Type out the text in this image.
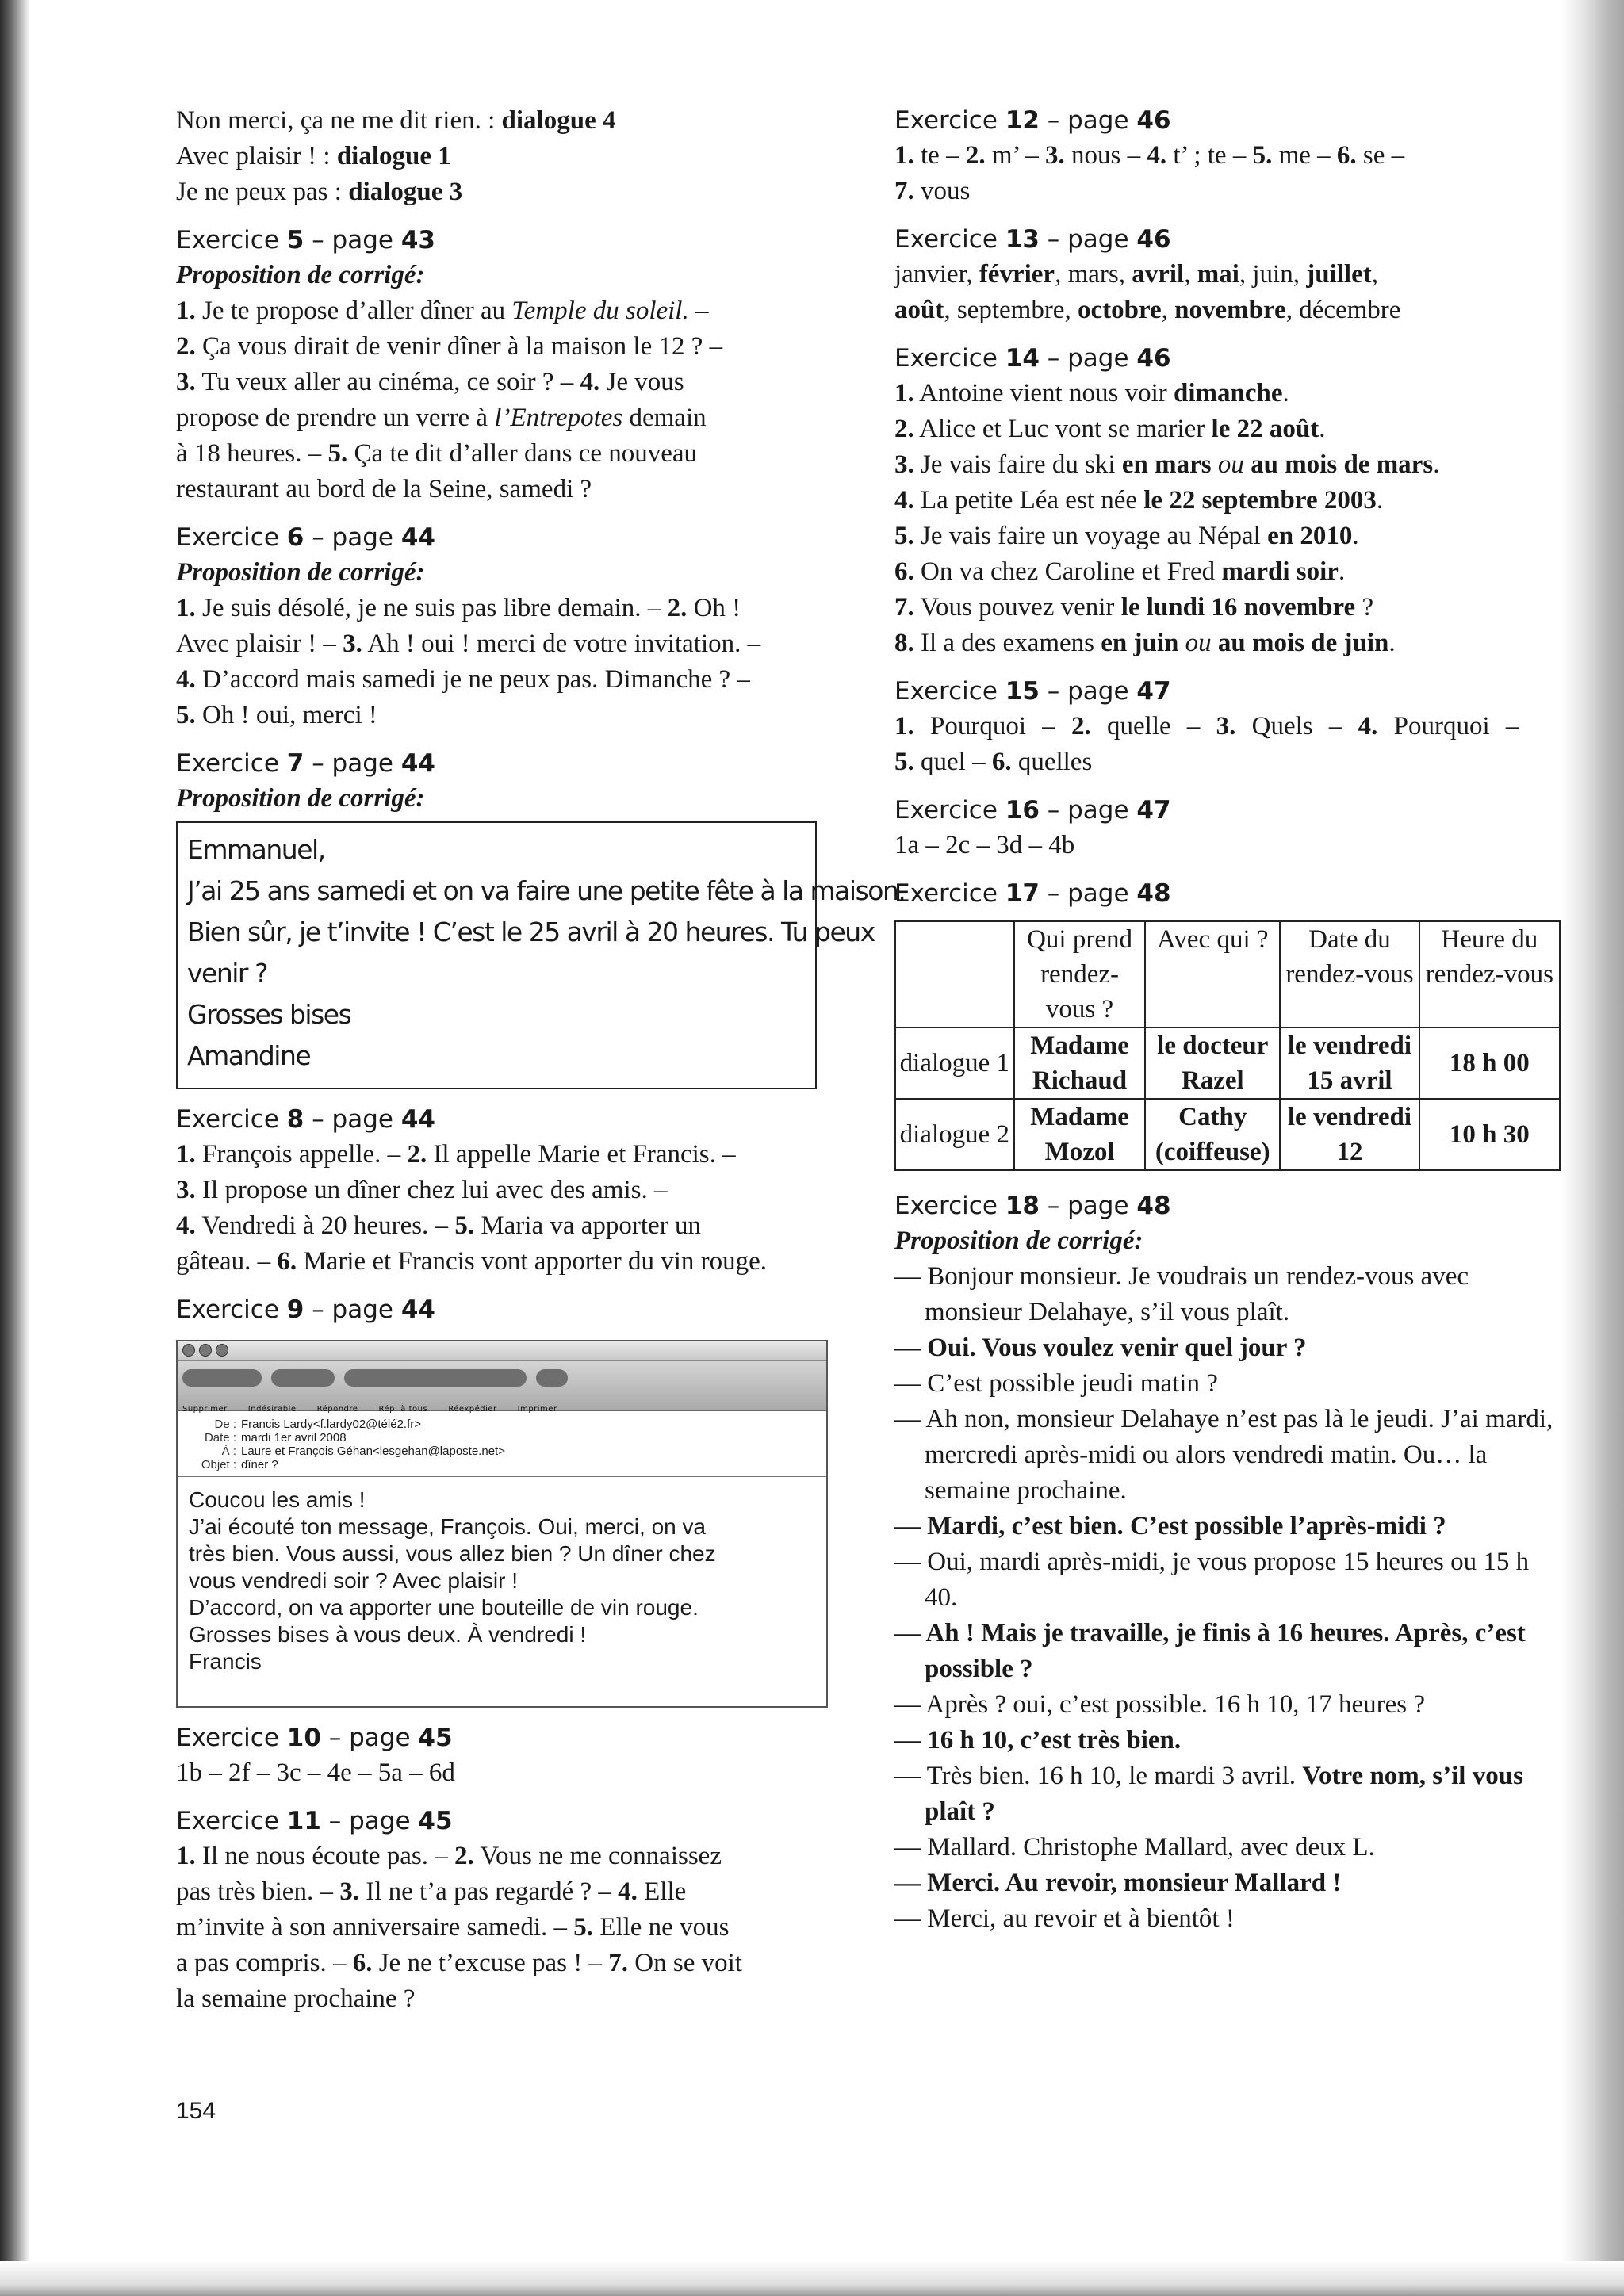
Non merci, ça ne me dit rien. : dialogue 4
Avec plaisir ! : dialogue 1
Je ne peux pas : dialogue 3
Exercice 5 – page 43
Proposition de corrigé:
1. Je te propose d’aller dîner au Temple du soleil. –
2. Ça vous dirait de venir dîner à la maison le 12 ? –
3. Tu veux aller au cinéma, ce soir ? – 4. Je vous
propose de prendre un verre à l’Entrepotes demain
à 18 heures. – 5. Ça te dit d’aller dans ce nouveau
restaurant au bord de la Seine, samedi ?
Exercice 6 – page 44
Proposition de corrigé:
1. Je suis désolé, je ne suis pas libre demain. – 2. Oh !
Avec plaisir ! – 3. Ah ! oui ! merci de votre invitation. –
4. D’accord mais samedi je ne peux pas. Dimanche ? –
5. Oh ! oui, merci !
Exercice 7 – page 44
Proposition de corrigé:
Emmanuel,
J’ai 25 ans samedi et on va faire une petite fête à la maison.
Bien sûr, je t’invite ! C’est le 25 avril à 20 heures. Tu peux
venir ?
Grosses bises
Amandine
Exercice 8 – page 44
1. François appelle. – 2. Il appelle Marie et Francis. –
3. Il propose un dîner chez lui avec des amis. –
4. Vendredi à 20 heures. – 5. Maria va apporter un
gâteau. – 6. Marie et Francis vont apporter du vin rouge.
Exercice 9 – page 44
Supprimer	Indésirable	Répondre	Rép. à tous	Réexpédier	Imprimer
De : Francis Lardy <f.lardy02@télé2.fr>
Date : mardi 1er avril 2008
À : Laure et François Géhan <lesgehan@laposte.net>
Objet : dîner ?
Coucou les amis !
J’ai écouté ton message, François. Oui, merci, on va
très bien. Vous aussi, vous allez bien ? Un dîner chez
vous vendredi soir ? Avec plaisir !
D’accord, on va apporter une bouteille de vin rouge.
Grosses bises à vous deux. À vendredi !
Francis
Exercice 10 – page 45
1b – 2f – 3c – 4e – 5a – 6d
Exercice 11 – page 45
1. Il ne nous écoute pas. – 2. Vous ne me connaissez
pas très bien. – 3. Il ne t’a pas regardé ? – 4. Elle
m’invite à son anniversaire samedi. – 5. Elle ne vous
a pas compris. – 6. Je ne t’excuse pas ! – 7. On se voit
la semaine prochaine ?
Exercice 12 – page 46
1. te – 2. m’ – 3. nous – 4. t’ ; te – 5. me – 6. se –
7. vous
Exercice 13 – page 46
janvier, février, mars, avril, mai, juin, juillet,
août, septembre, octobre, novembre, décembre
Exercice 14 – page 46
1. Antoine vient nous voir dimanche.
2. Alice et Luc vont se marier le 22 août.
3. Je vais faire du ski en mars ou au mois de mars.
4. La petite Léa est née le 22 septembre 2003.
5. Je vais faire un voyage au Népal en 2010.
6. On va chez Caroline et Fred mardi soir.
7. Vous pouvez venir le lundi 16 novembre ?
8. Il a des examens en juin ou au mois de juin.
Exercice 15 – page 47
1. Pourquoi – 2. quelle – 3. Quels – 4. Pourquoi –
5. quel – 6. quelles
Exercice 16 – page 47
1a – 2c – 3d – 4b
Exercice 17 – page 48
	Qui prend rendez-vous ?	Avec qui ?	Date du rendez-vous	Heure du rendez-vous
dialogue 1	Madame Richaud	le docteur Razel	le vendredi 15 avril	18 h 00
dialogue 2	Madame Mozol	Cathy (coiffeuse)	le vendredi 12	10 h 30
Exercice 18 – page 48
Proposition de corrigé:
— Bonjour monsieur. Je voudrais un rendez-vous avec monsieur Delahaye, s’il vous plaît.
— Oui. Vous voulez venir quel jour ?
— C’est possible jeudi matin ?
— Ah non, monsieur Delahaye n’est pas là le jeudi. J’ai mardi, mercredi après-midi ou alors vendredi matin. Ou… la semaine prochaine.
— Mardi, c’est bien. C’est possible l’après-midi ?
— Oui, mardi après-midi, je vous propose 15 heures ou 15 h 40.
— Ah ! Mais je travaille, je finis à 16 heures. Après, c’est possible ?
— Après ? oui, c’est possible. 16 h 10, 17 heures ?
— 16 h 10, c’est très bien.
— Très bien. 16 h 10, le mardi 3 avril. Votre nom, s’il vous plaît ?
— Mallard. Christophe Mallard, avec deux L.
— Merci. Au revoir, monsieur Mallard !
— Merci, au revoir et à bientôt !
154
